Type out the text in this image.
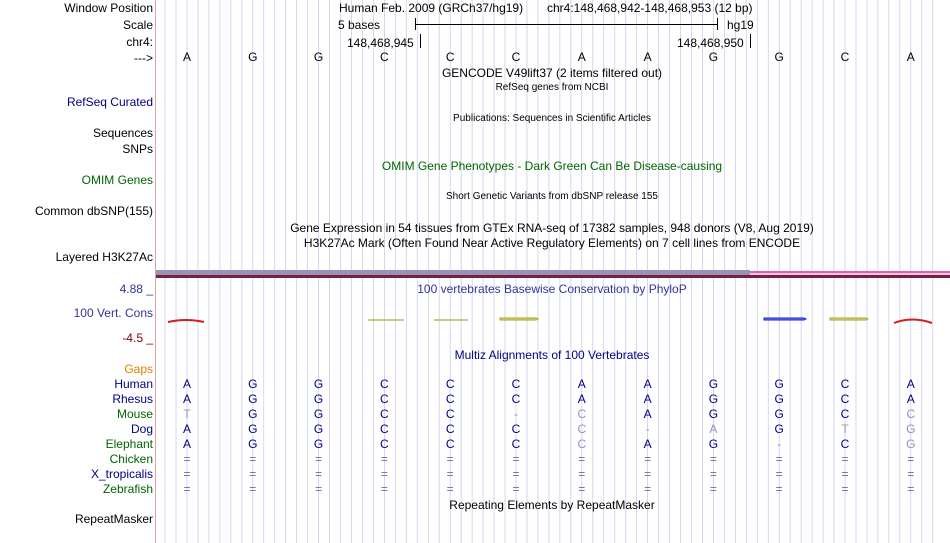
Window Position	Human Feb. 2009 (GRCh37/hg19) chr4:148,468,942-148,468,953 (12 bp)
Scale	5 bases	hg19
chr4:	148,468,945	148,468,950
--->	A	G	G	C	C	C	A	A	G	G	C	A
GENCODE V49lift37 (2 items filtered out)
RefSeq genes from NCBI
RefSeq Curated
Publications: Sequences in Scientific Articles
Sequences
SNPs
OMIM Gene Phenotypes - Dark Green Can Be Disease-causing
OMIM Genes
Short Genetic Variants from dbSNP release 155
Common dbSNP(155)
Gene Expression in 54 tissues from GTEx RNA-seq of 17382 samples, 948 donors (V8, Aug 2019)
H3K27Ac Mark (Often Found Near Active Regulatory Elements) on 7 cell lines from ENCODE
Layered H3K27Ac
4.88 _	100 vertebrates Basewise Conservation by PhyloP
100 Vert. Cons
-4.5 _
Multiz Alignments of 100 Vertebrates
Gaps
Human	A	G	G	C	C	C	A	A	G	G	C	A
Rhesus	A	G	G	C	C	C	A	A	G	G	C	A
Mouse	T	G	G	C	C	-	C	A	G	G	C	C
Dog	A	G	G	C	C	C	C	-	A	G	T	G
Elephant	A	G	G	C	C	C	C	A	G	-	C	G
Chicken	=	=	=	=	=	=	=	=	=	=	=	=
X_tropicalis	=	=	=	=	=	=	=	=	=	=	=	=
Zebrafish	=	=	=	=	=	=	=	=	=	=	=	=
Repeating Elements by RepeatMasker
RepeatMasker
